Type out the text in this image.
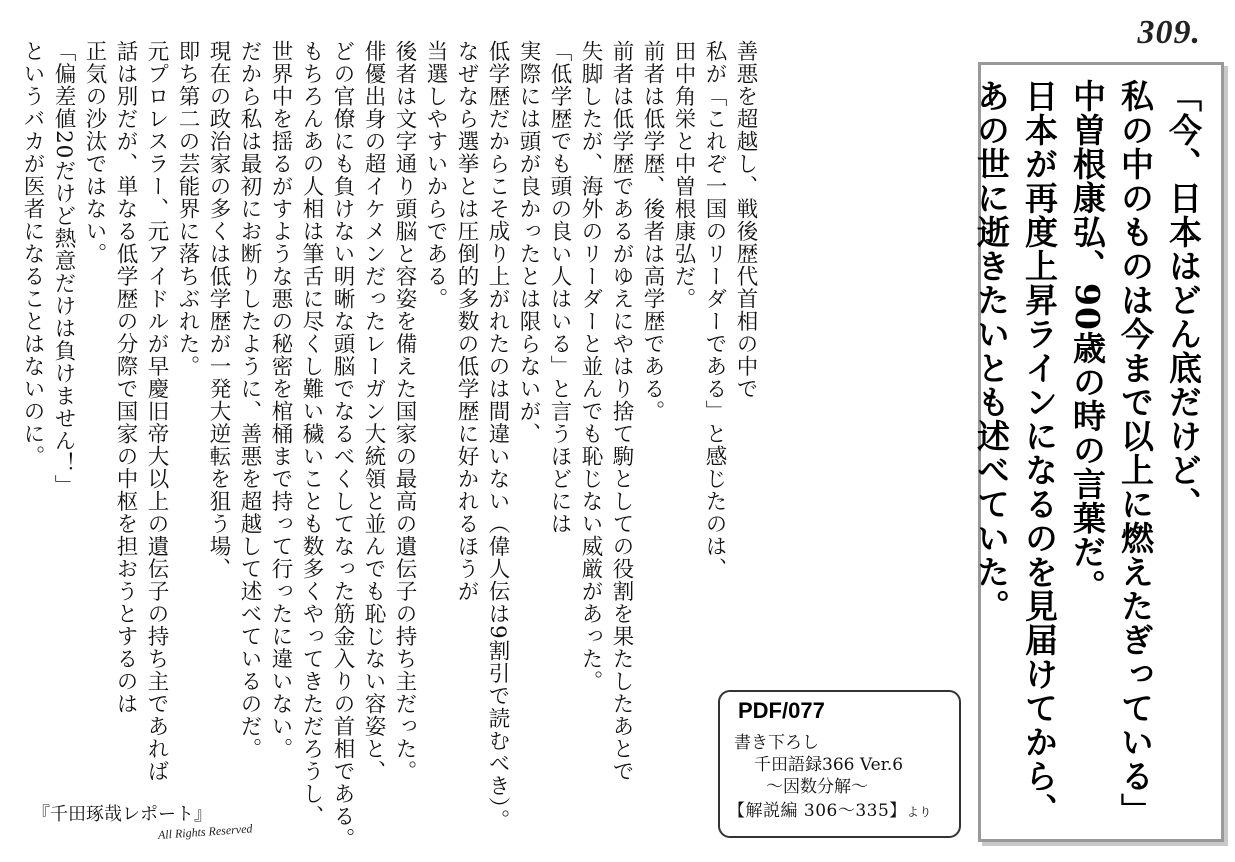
309.

「今、日本はどん底だけど、
私の中のものは今まで以上に燃えたぎっている」
中曽根康弘、90歳の時の言葉だ。
日本が再度上昇ラインになるのを見届けてから、
あの世に逝きたいとも述べていた。

善悪を超越し、戦後歴代首相の中で
私が「これぞ一国のリーダーである」と感じたのは、
田中角栄と中曽根康弘だ。

前者は低学歴、後者は高学歴である。
前者は低学歴であるがゆえにやはり捨て駒としての役割を果たしたあとで
失脚したが、海外のリーダーと並んでも恥じない威厳があった。

「低学歴でも頭の良い人はいる」と言うほどには
実際には頭が良かったとは限らないが、
低学歴だからこそ成り上がれたのは間違いない（偉人伝は9割引で読むべき）。
なぜなら選挙とは圧倒的多数の低学歴に好かれるほうが
当選しやすいからである。

後者は文字通り頭脳と容姿を備えた国家の最高の遺伝子の持ち主だった。
俳優出身の超イケメンだったレーガン大統領と並んでも恥じない容姿と、
どの官僚にも負けない明晰な頭脳でなるべくしてなった筋金入りの首相である。

もちろんあの人相は筆舌に尽くし難い穢いことも数多くやってきただろうし、
世界中を揺るがすような悪の秘密を棺桶まで持って行ったに違いない。
だから私は最初にお断りしたように、善悪を超越して述べているのだ。

現在の政治家の多くは低学歴が一発大逆転を狙う場、
即ち第二の芸能界に落ちぶれた。
元プロレスラー、元アイドルが早慶旧帝大以上の遺伝子の持ち主であれば
話は別だが、単なる低学歴の分際で国家の中枢を担おうとするのは
正気の沙汰ではない。

「偏差値20だけど熱意だけは負けません！」
というバカが医者になることはないのに。

PDF/077
書き下ろし
千田語録366 Ver.6
～因数分解～
【解説編 306～335】より
『千田琢哉レポート』
All Rights Reserved
